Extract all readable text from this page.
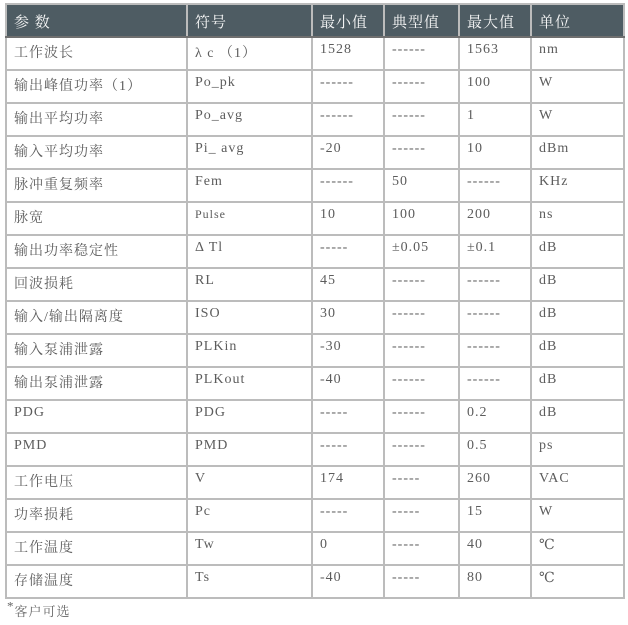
参 数	符号	最小值	典型值	最大值	单位
工作波长	λ c （1）	1528	------	1563	nm
输出峰值功率（1）	Po_pk	------	------	100	W
输出平均功率	Po_avg	------	------	1	W
输入平均功率	Pi_ avg	-20	------	10	dBm
脉冲重复频率	Fem	------	50	------	KHz
脉宽	Pulse	10	100	200	ns
输出功率稳定性	Δ Tl	-----	±0.05	±0.1	dB
回波损耗	RL	45	------	------	dB
输入/输出隔离度	ISO	30	------	------	dB
输入泵浦泄露	PLKin	-30	------	------	dB
输出泵浦泄露	PLKout	-40	------	------	dB
PDG	PDG	-----	------	0.2	dB
PMD	PMD	-----	------	0.5	ps
工作电压	V	174	-----	260	VAC
功率损耗	Pc	-----	-----	15	W
工作温度	Tw	0	-----	40	℃
存储温度	Ts	-40	-----	80	℃
*客户可选
